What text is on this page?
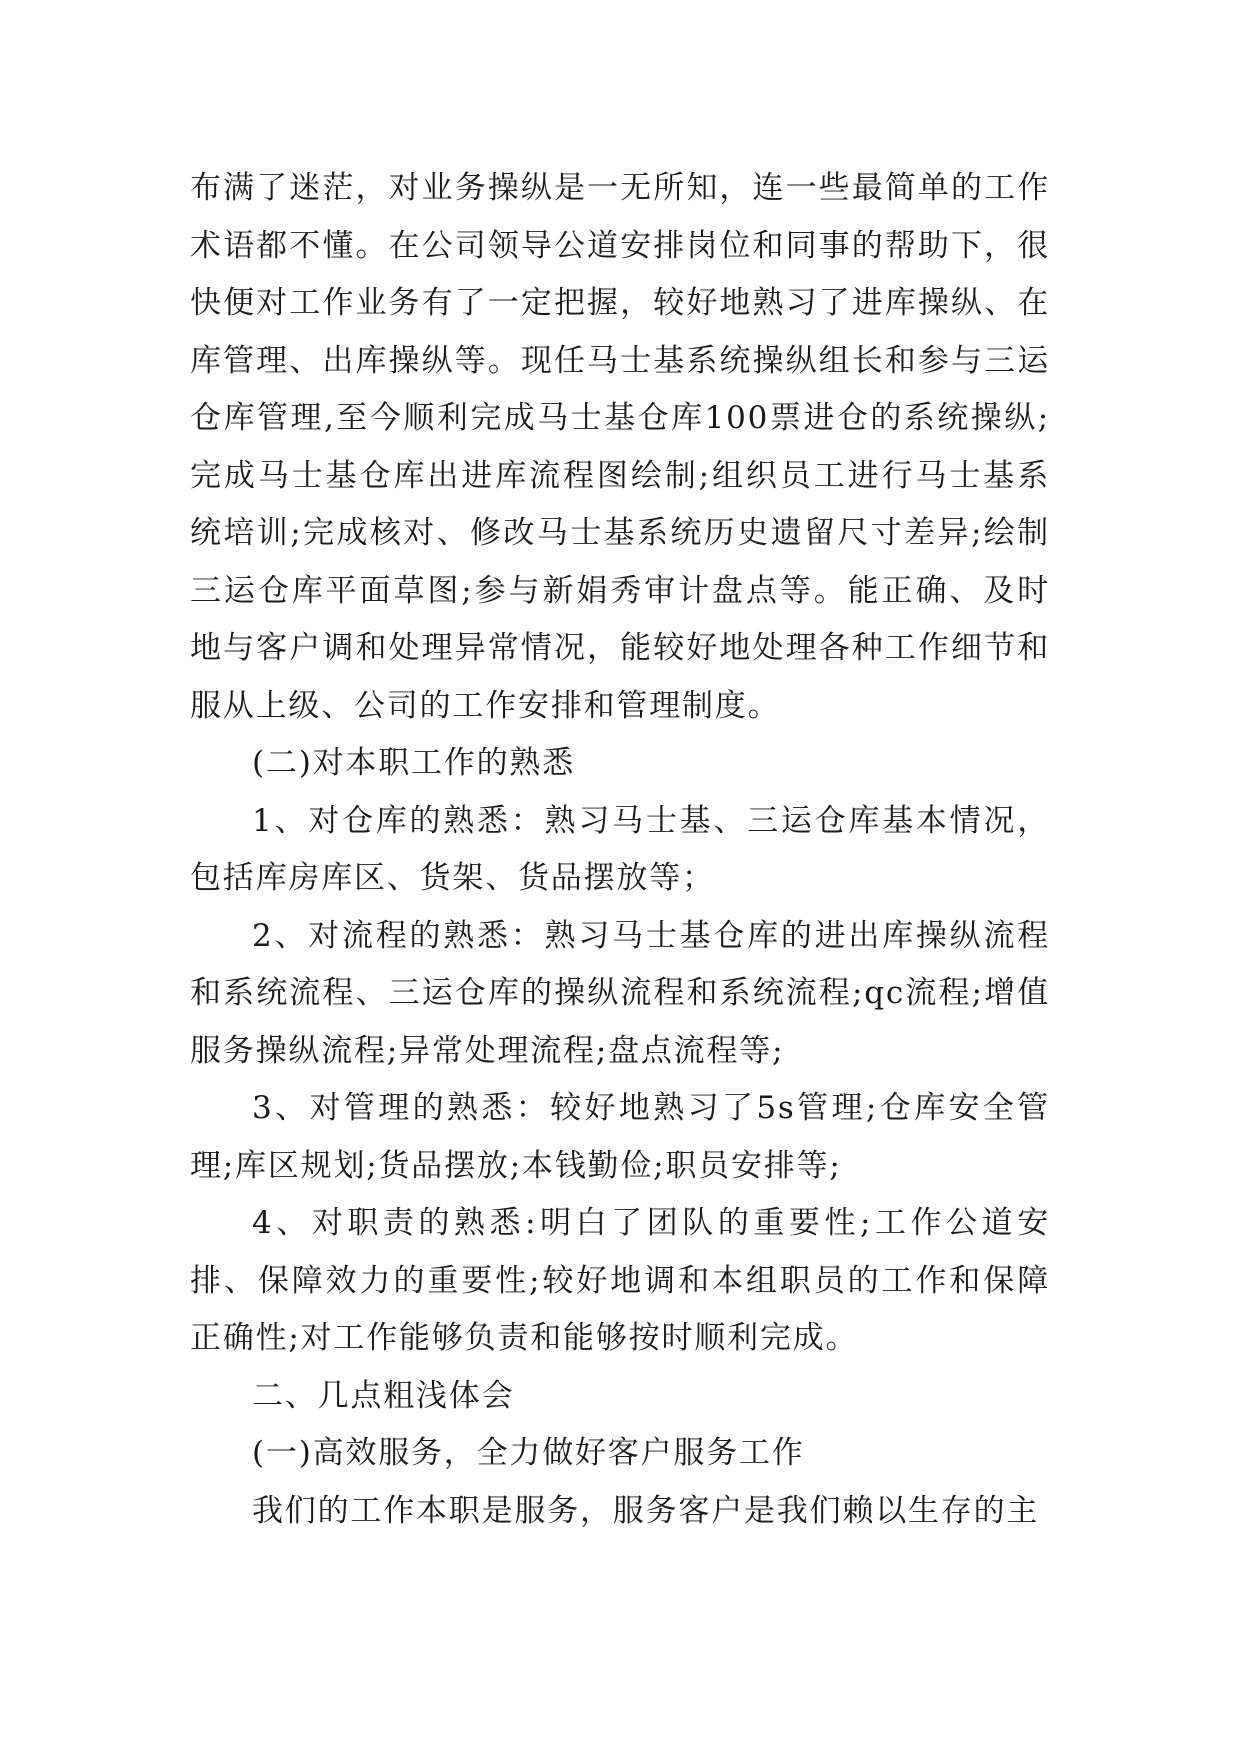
布满了迷茫，对业务操纵是一无所知，连一些最简单的工作术语都不懂。在公司领导公道安排岗位和同事的帮助下，很快便对工作业务有了一定把握，较好地熟习了进库操纵、在库管理、出库操纵等。现任马士基系统操纵组长和参与三运仓库管理,至今顺利完成马士基仓库100票进仓的系统操纵;完成马士基仓库出进库流程图绘制;组织员工进行马士基系统培训;完成核对、修改马士基系统历史遗留尺寸差异;绘制三运仓库平面草图;参与新娟秀审计盘点等。能正确、及时地与客户调和处理异常情况，能较好地处理各种工作细节和服从上级、公司的工作安排和管理制度。

(二)对本职工作的熟悉

1、对仓库的熟悉：熟习马士基、三运仓库基本情况，包括库房库区、货架、货品摆放等；

2、对流程的熟悉：熟习马士基仓库的进出库操纵流程和系统流程、三运仓库的操纵流程和系统流程;qc流程;增值服务操纵流程;异常处理流程;盘点流程等;

3、对管理的熟悉：较好地熟习了5s管理;仓库安全管理;库区规划;货品摆放;本钱勤俭;职员安排等;

4、对职责的熟悉:明白了团队的重要性;工作公道安排、保障效力的重要性;较好地调和本组职员的工作和保障正确性;对工作能够负责和能够按时顺利完成。

二、几点粗浅体会

(一)高效服务，全力做好客户服务工作

我们的工作本职是服务，服务客户是我们赖以生存的主
